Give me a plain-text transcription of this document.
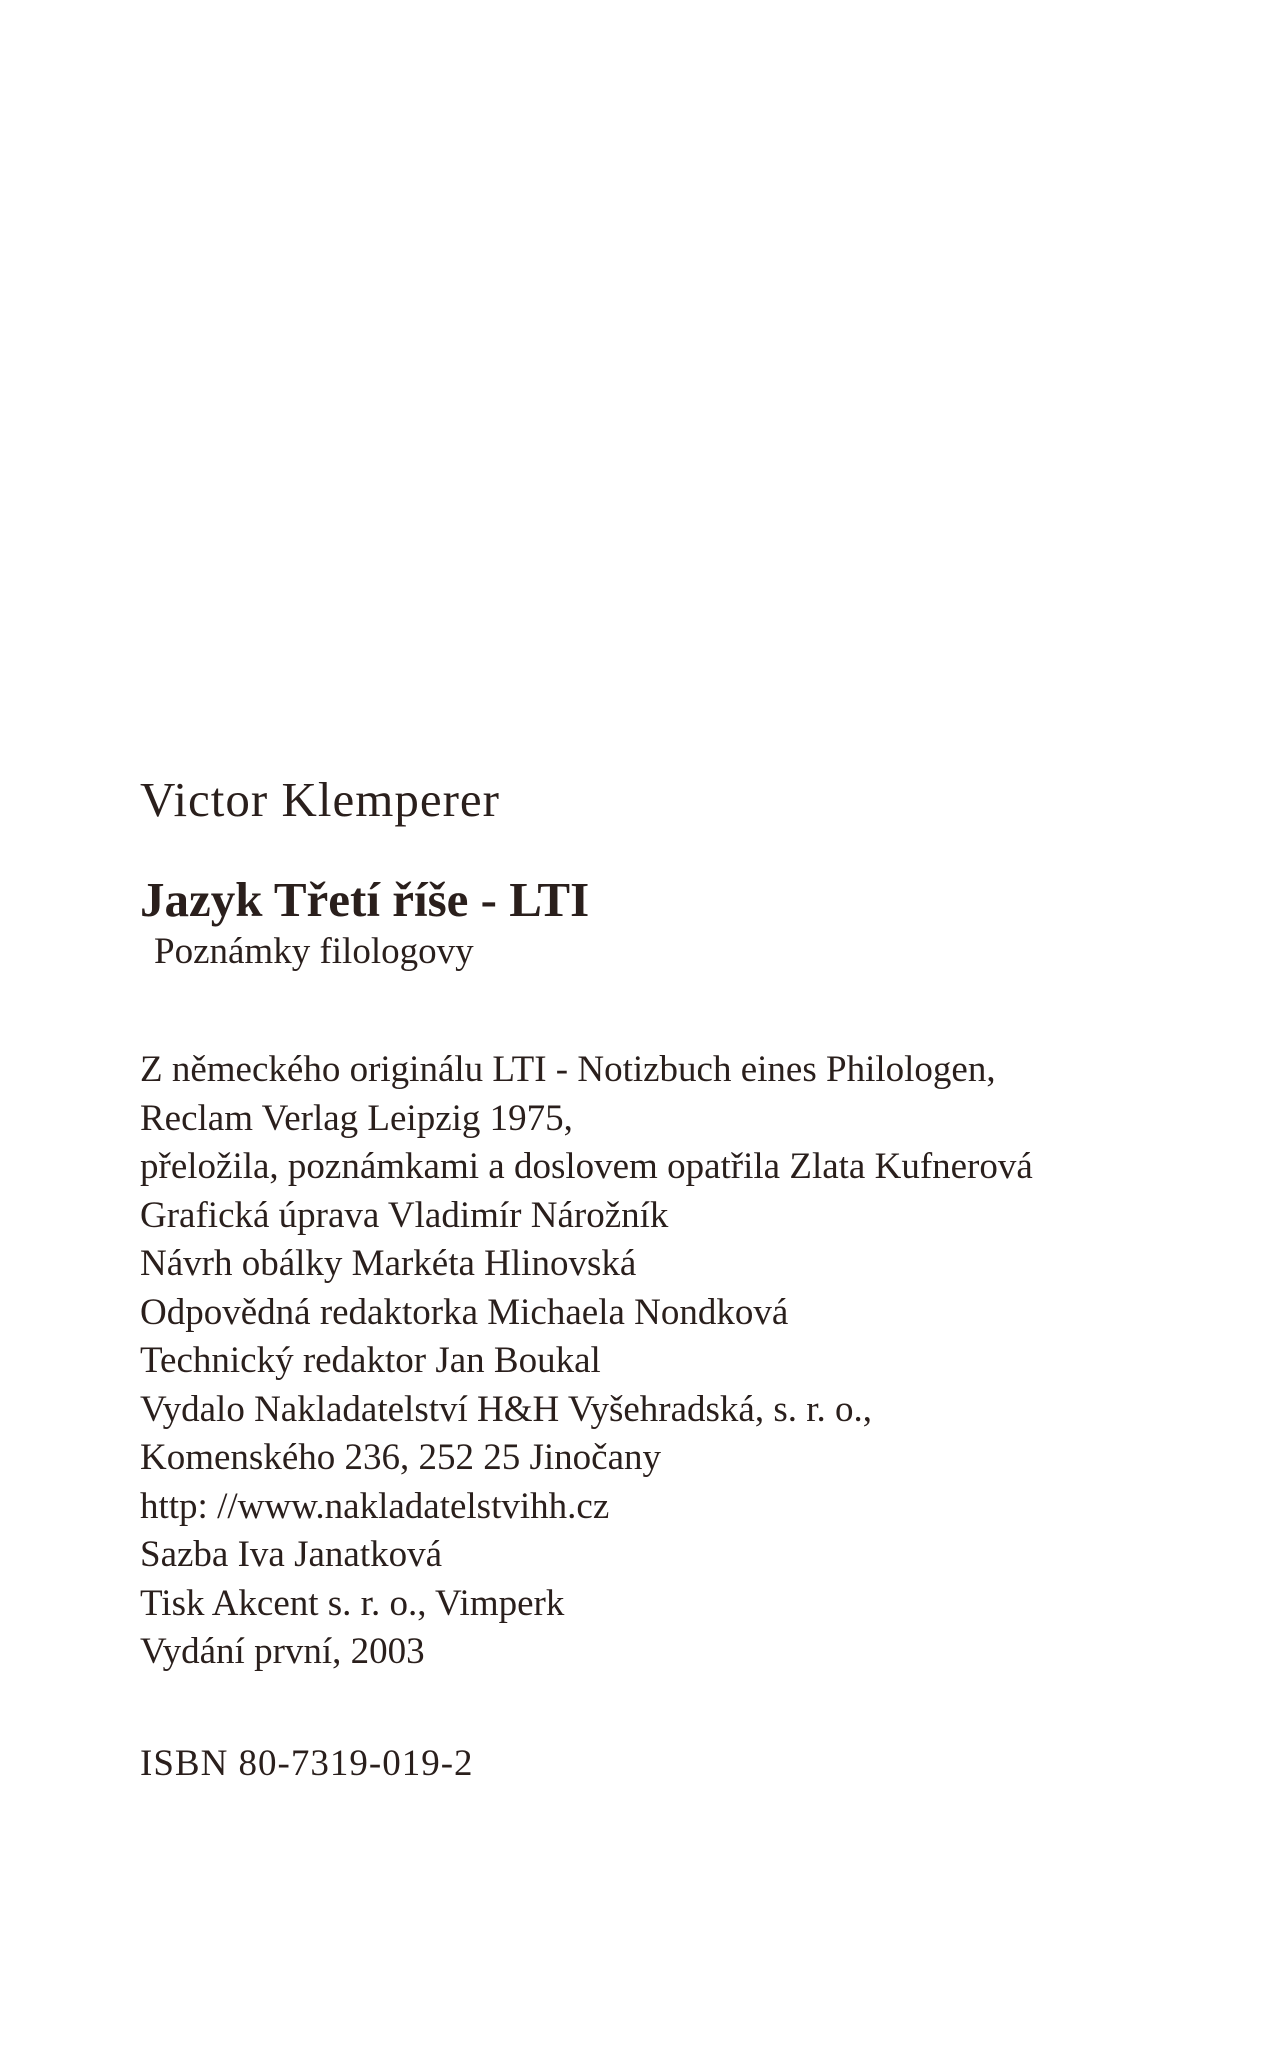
Victor Klemperer

Jazyk Třetí říše - LTI

Poznámky filologovy

Z německého originálu LTI - Notizbuch eines Philologen,
Reclam Verlag Leipzig 1975,
přeložila, poznámkami a doslovem opatřila Zlata Kufnerová
Grafická úprava Vladimír Nárožník
Návrh obálky Markéta Hlinovská
Odpovědná redaktorka Michaela Nondková
Technický redaktor Jan Boukal
Vydalo Nakladatelství H&H Vyšehradská, s. r. o.,
Komenského 236, 252 25 Jinočany
http: //www.nakladatelstvihh.cz
Sazba Iva Janatková
Tisk Akcent s. r. o., Vimperk
Vydání první, 2003

ISBN 80-7319-019-2
